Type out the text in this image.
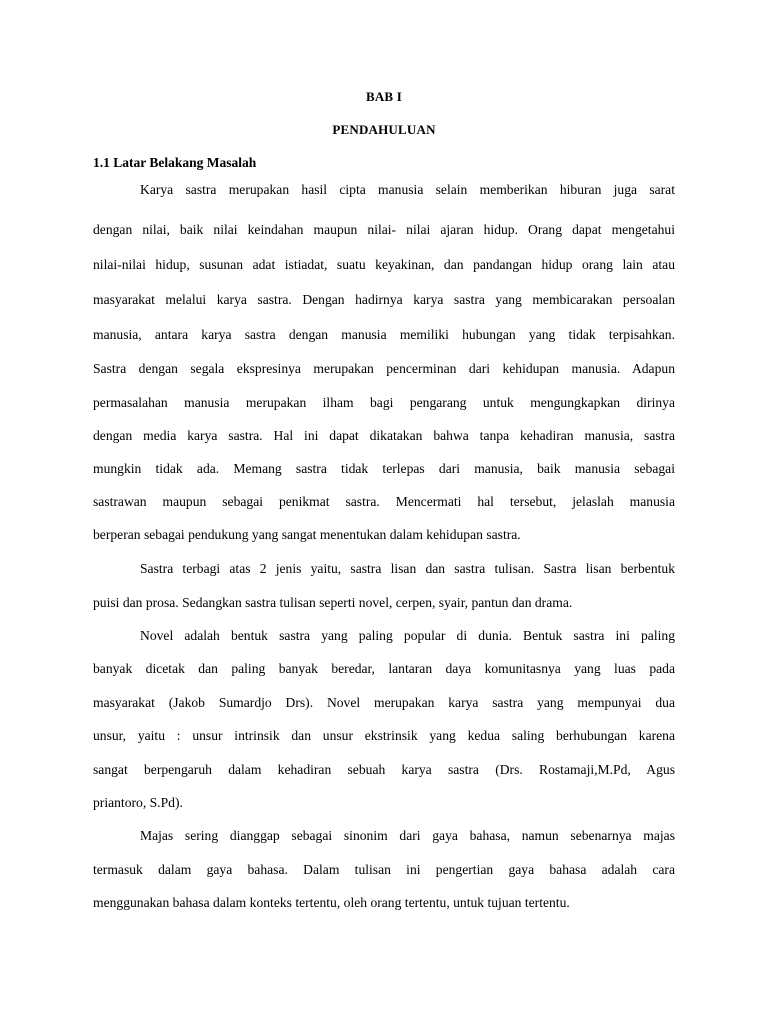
BAB I
PENDAHULUAN
1.1 Latar Belakang Masalah

Karya sastra merupakan hasil cipta manusia selain memberikan hiburan juga sarat

dengan nilai, baik nilai keindahan maupun nilai- nilai ajaran hidup. Orang dapat mengetahui

nilai-nilai hidup, susunan adat istiadat, suatu keyakinan, dan pandangan hidup orang lain atau

masyarakat melalui karya sastra. Dengan hadirnya karya sastra yang membicarakan persoalan

manusia, antara karya sastra dengan manusia memiliki hubungan yang tidak terpisahkan.

Sastra dengan segala ekspresinya merupakan pencerminan dari kehidupan manusia. Adapun

permasalahan manusia merupakan ilham bagi pengarang untuk mengungkapkan dirinya

dengan media karya sastra. Hal ini dapat dikatakan bahwa tanpa kehadiran manusia, sastra

mungkin tidak ada. Memang sastra tidak terlepas dari manusia, baik manusia sebagai

sastrawan maupun sebagai penikmat sastra. Mencermati hal tersebut, jelaslah manusia

berperan sebagai pendukung yang sangat menentukan dalam kehidupan sastra.

Sastra terbagi atas 2 jenis yaitu, sastra lisan dan sastra tulisan. Sastra lisan berbentuk

puisi dan prosa. Sedangkan sastra tulisan seperti novel, cerpen, syair, pantun dan drama.

Novel adalah bentuk sastra yang paling popular di dunia. Bentuk sastra ini paling

banyak dicetak dan paling banyak beredar, lantaran daya komunitasnya yang luas pada

masyarakat (Jakob Sumardjo Drs). Novel merupakan karya sastra yang mempunyai dua

unsur, yaitu : unsur intrinsik dan unsur ekstrinsik yang kedua saling berhubungan karena

sangat berpengaruh dalam kehadiran sebuah karya sastra (Drs. Rostamaji,M.Pd, Agus

priantoro, S.Pd).

Majas sering dianggap sebagai sinonim dari gaya bahasa, namun sebenarnya majas

termasuk dalam gaya bahasa. Dalam tulisan ini pengertian gaya bahasa adalah cara

menggunakan bahasa dalam konteks tertentu, oleh orang tertentu, untuk tujuan tertentu.
